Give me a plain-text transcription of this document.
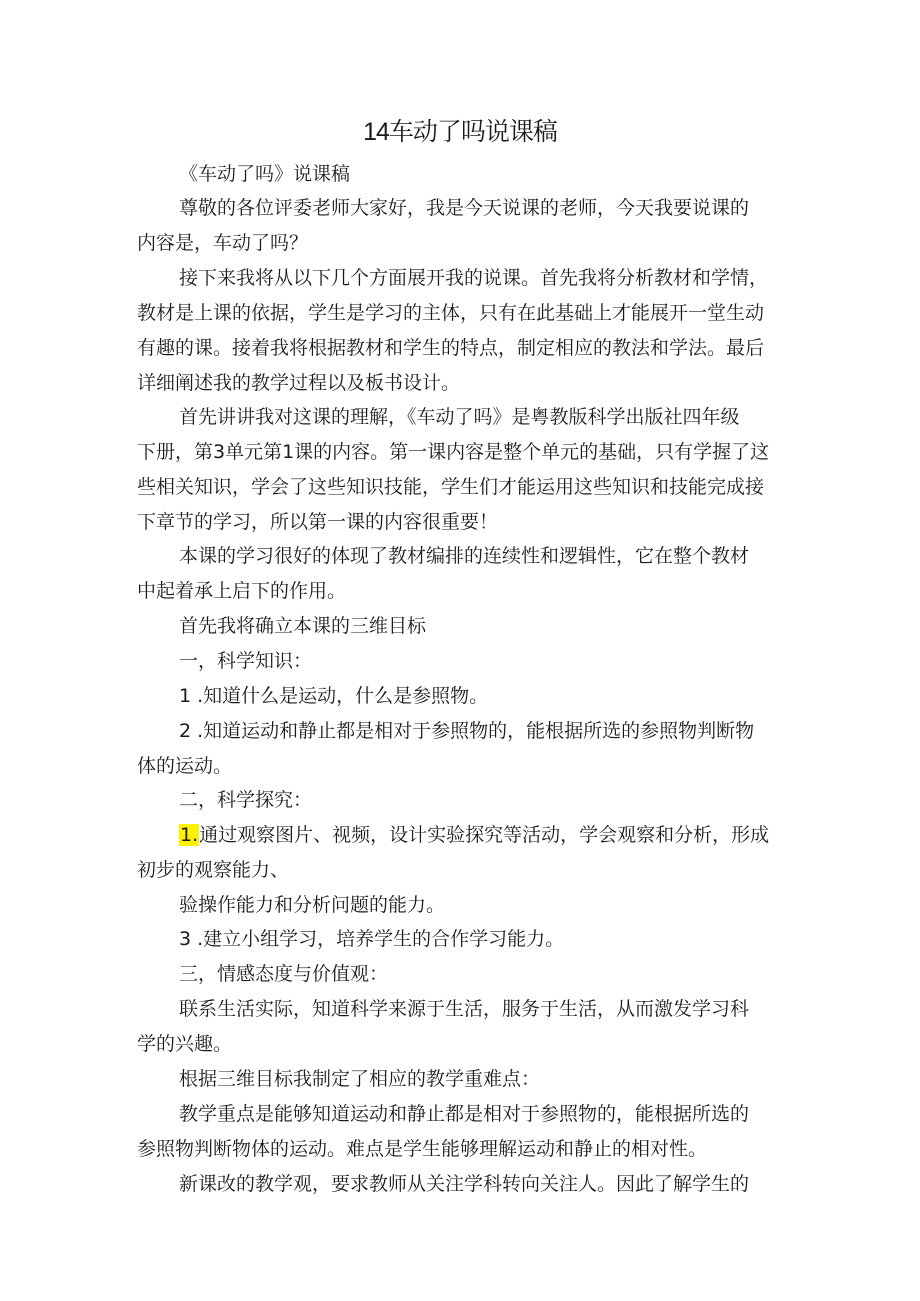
14车动了吗说课稿
《车动了吗》说课稿
尊敬的各位评委老师大家好，我是今天说课的老师，今天我要说课的
内容是，车动了吗？
接下来我将从以下几个方面展开我的说课。首先我将分析教材和学情，
教材是上课的依据，学生是学习的主体，只有在此基础上才能展开一堂生动
有趣的课。接着我将根据教材和学生的特点，制定相应的教法和学法。最后
详细阐述我的教学过程以及板书设计。
首先讲讲我对这课的理解，《车动了吗》是粤教版科学出版社四年级
下册，第3单元第1课的内容。第一课内容是整个单元的基础，只有学握了这
些相关知识，学会了这些知识技能，学生们才能运用这些知识和技能完成接
下章节的学习，所以第一课的内容很重要！
本课的学习很好的体现了教材编排的连续性和逻辑性，它在整个教材
中起着承上启下的作用。
首先我将确立本课的三维目标
一，科学知识：
1 .知道什么是运动，什么是参照物。
2 .知道运动和静止都是相对于参照物的，能根据所选的参照物判断物
体的运动。
二，科学探究：
1.通过观察图片、视频，设计实验探究等活动，学会观察和分析，形成
初步的观察能力、
验操作能力和分析问题的能力。
3 .建立小组学习，培养学生的合作学习能力。
三，情感态度与价值观：
联系生活实际，知道科学来源于生活，服务于生活，从而激发学习科
学的兴趣。
根据三维目标我制定了相应的教学重难点：
教学重点是能够知道运动和静止都是相对于参照物的，能根据所选的
参照物判断物体的运动。难点是学生能够理解运动和静止的相对性。
新课改的教学观，要求教师从关注学科转向关注人。因此了解学生的
